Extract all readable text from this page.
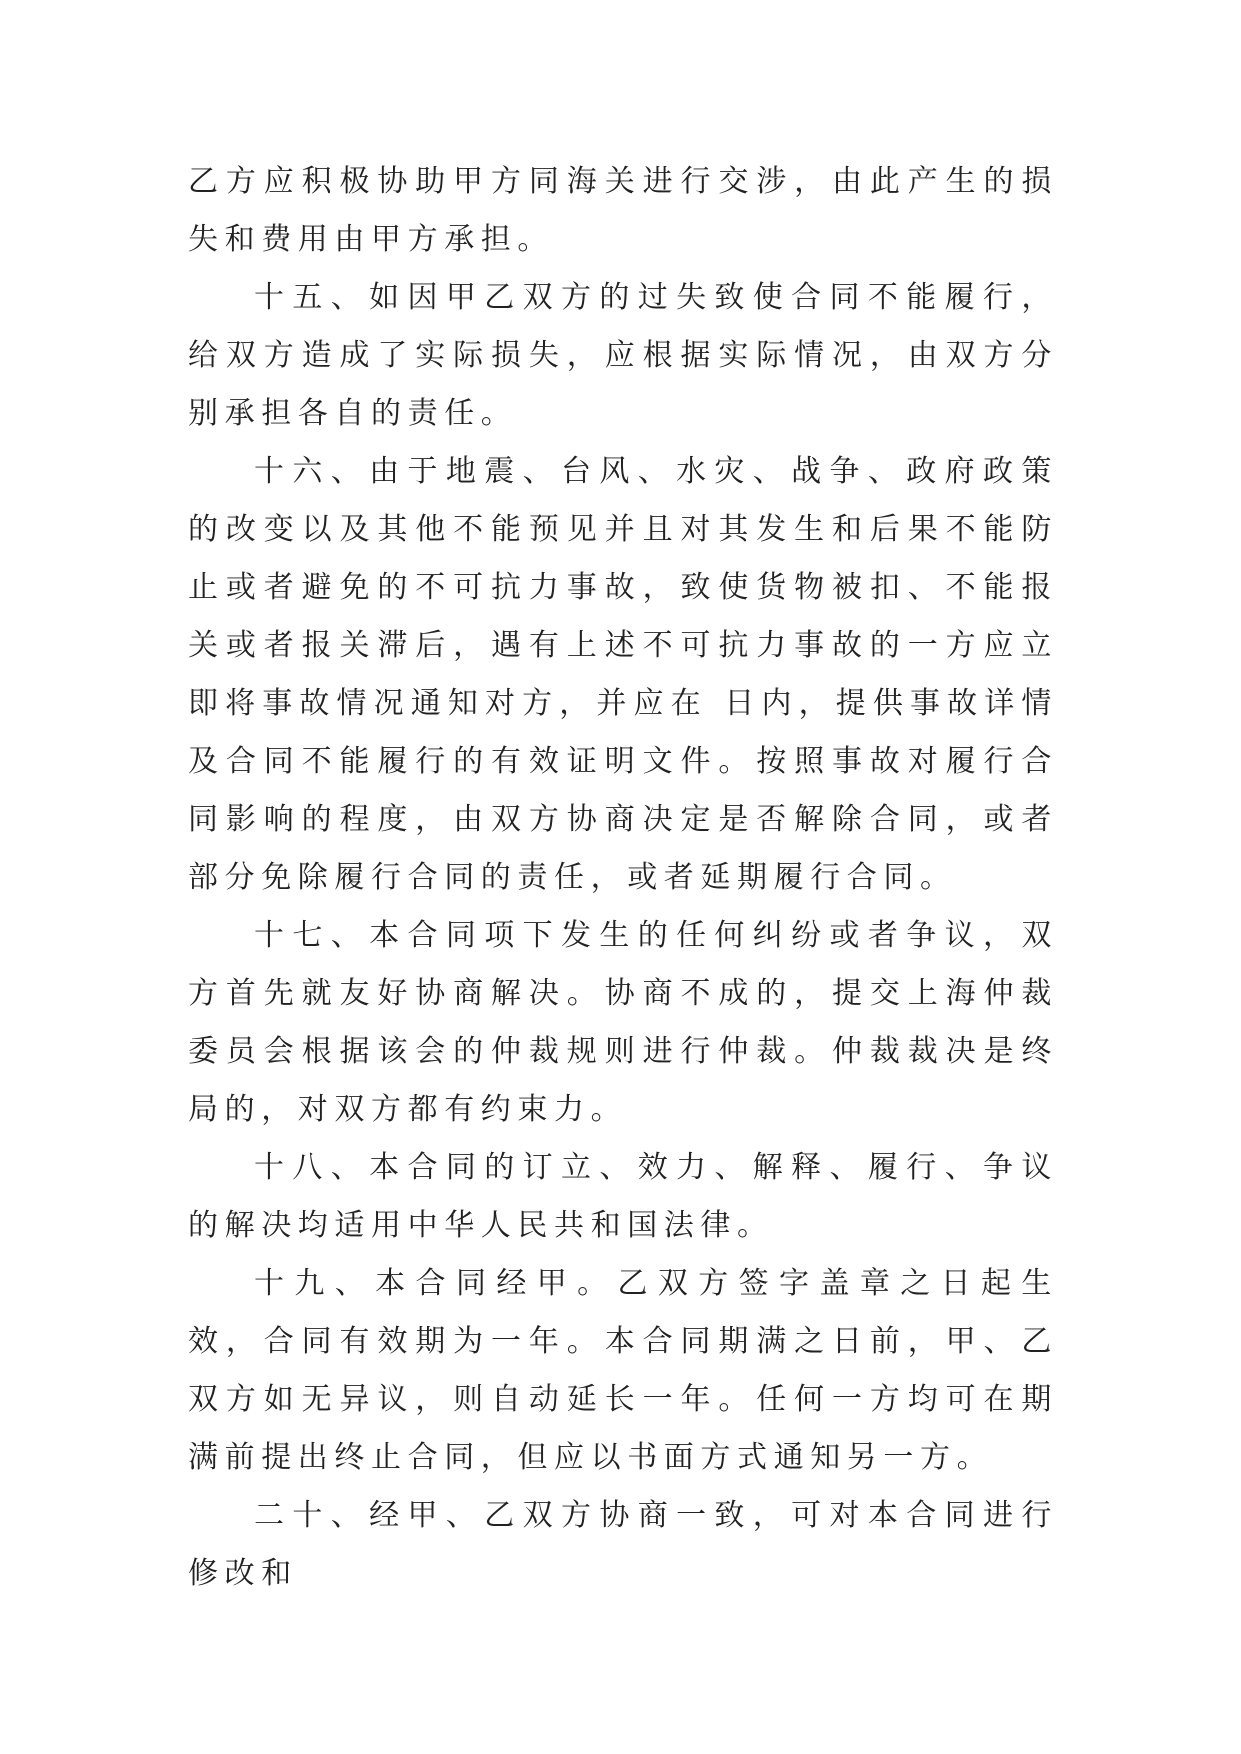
乙方应积极协助甲方同海关进行交涉，由此产生的损失和费用由甲方承担。

十五、如因甲乙双方的过失致使合同不能履行，给双方造成了实际损失，应根据实际情况，由双方分别承担各自的责任。

十六、由于地震、台风、水灾、战争、政府政策的改变以及其他不能预见并且对其发生和后果不能防止或者避免的不可抗力事故，致使货物被扣、不能报关或者报关滞后，遇有上述不可抗力事故的一方应立即将事故情况通知对方，并应在 日内，提供事故详情及合同不能履行的有效证明文件。按照事故对履行合同影响的程度，由双方协商决定是否解除合同，或者部分免除履行合同的责任，或者延期履行合同。

十七、本合同项下发生的任何纠纷或者争议，双方首先就友好协商解决。协商不成的，提交上海仲裁委员会根据该会的仲裁规则进行仲裁。仲裁裁决是终局的，对双方都有约束力。

十八、本合同的订立、效力、解释、履行、争议的解决均适用中华人民共和国法律。

十九、本合同经甲。乙双方签字盖章之日起生效，合同有效期为一年。本合同期满之日前，甲、乙双方如无异议，则自动延长一年。任何一方均可在期满前提出终止合同，但应以书面方式通知另一方。

二十、经甲、乙双方协商一致，可对本合同进行修改和
